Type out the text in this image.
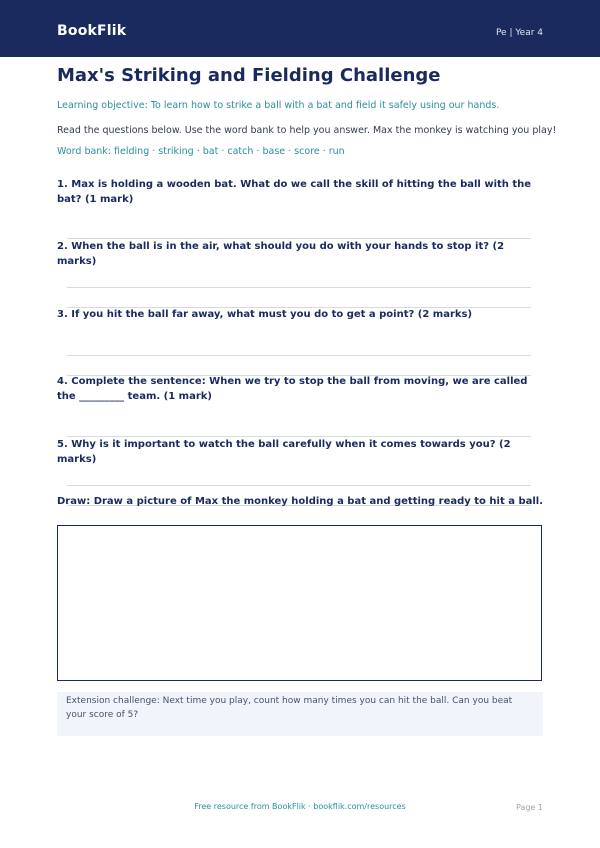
BookFlik	Pe | Year 4
Max's Striking and Fielding Challenge
Learning objective: To learn how to strike a ball with a bat and field it safely using our hands.
Read the questions below. Use the word bank to help you answer. Max the monkey is watching you play!
Word bank: fielding · striking · bat · catch · base · score · run
1. Max is holding a wooden bat. What do we call the skill of hitting the ball with the bat? (1 mark)
2. When the ball is in the air, what should you do with your hands to stop it? (2 marks)
3. If you hit the ball far away, what must you do to get a point? (2 marks)
4. Complete the sentence: When we try to stop the ball from moving, we are called the _________ team. (1 mark)
5. Why is it important to watch the ball carefully when it comes towards you? (2 marks)
Draw: Draw a picture of Max the monkey holding a bat and getting ready to hit a ball.
Extension challenge: Next time you play, count how many times you can hit the ball. Can you beat your score of 5?
Free resource from BookFlik · bookflik.com/resources	Page 1
